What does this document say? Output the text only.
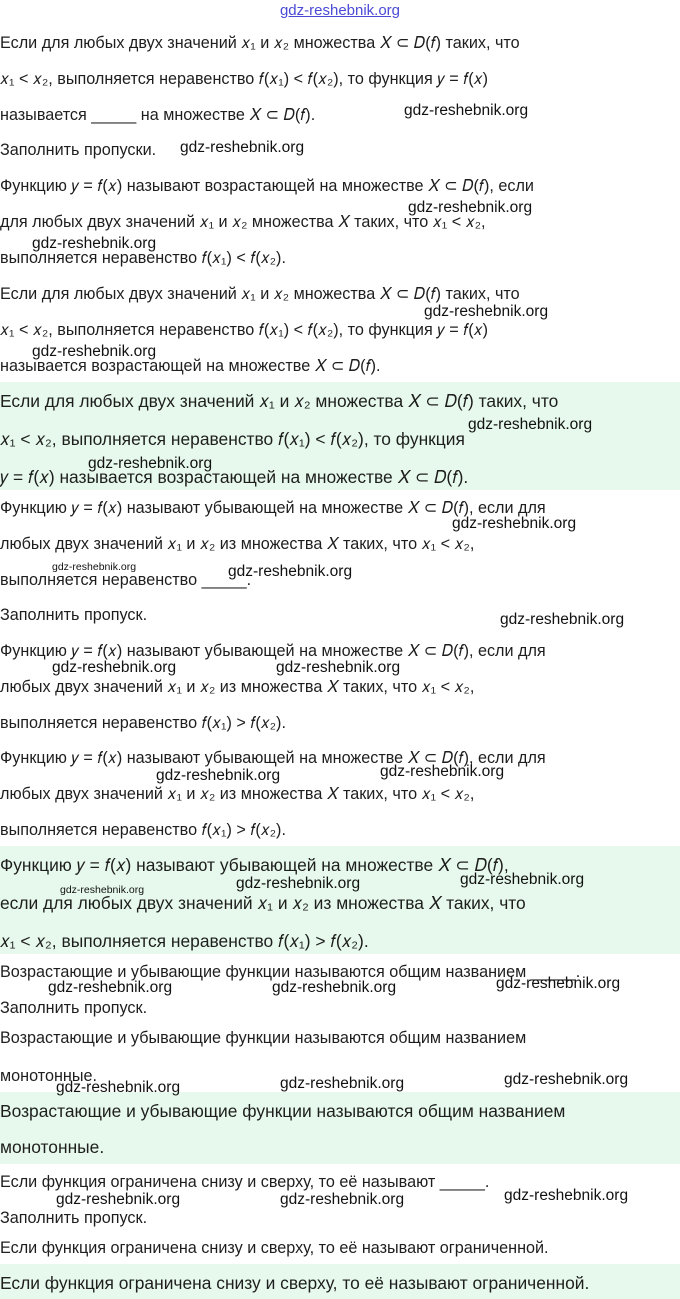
gdz-reshebnik.org
Если для любых двух значений 𝑥₁ и 𝑥₂ множества 𝑋 ⊂ 𝐷(𝑓) таких, что
𝑥₁ < 𝑥₂, выполняется неравенство 𝑓(𝑥₁) < 𝑓(𝑥₂), то функция 𝑦 = 𝑓(𝑥)
называется _____ на множестве 𝑋 ⊂ 𝐷(𝑓).
Заполнить пропуски.
Функцию 𝑦 = 𝑓(𝑥) называют возрастающей на множестве 𝑋 ⊂ 𝐷(𝑓), если
для любых двух значений 𝑥₁ и 𝑥₂ множества 𝑋 таких, что 𝑥₁ < 𝑥₂,
выполняется неравенство 𝑓(𝑥₁) < 𝑓(𝑥₂).
Если для любых двух значений 𝑥₁ и 𝑥₂ множества 𝑋 ⊂ 𝐷(𝑓) таких, что
𝑥₁ < 𝑥₂, выполняется неравенство 𝑓(𝑥₁) < 𝑓(𝑥₂), то функция 𝑦 = 𝑓(𝑥)
называется возрастающей на множестве 𝑋 ⊂ 𝐷(𝑓).
Если для любых двух значений 𝑥₁ и 𝑥₂ множества 𝑋 ⊂ 𝐷(𝑓) таких, что
𝑥₁ < 𝑥₂, выполняется неравенство 𝑓(𝑥₁) < 𝑓(𝑥₂), то функция
𝑦 = 𝑓(𝑥) называется возрастающей на множестве 𝑋 ⊂ 𝐷(𝑓).
Функцию 𝑦 = 𝑓(𝑥) называют убывающей на множестве 𝑋 ⊂ 𝐷(𝑓), если для
любых двух значений 𝑥₁ и 𝑥₂ из множества 𝑋 таких, что 𝑥₁ < 𝑥₂,
выполняется неравенство _____.
Заполнить пропуск.
Функцию 𝑦 = 𝑓(𝑥) называют убывающей на множестве 𝑋 ⊂ 𝐷(𝑓), если для
любых двух значений 𝑥₁ и 𝑥₂ из множества 𝑋 таких, что 𝑥₁ < 𝑥₂,
выполняется неравенство 𝑓(𝑥₁) > 𝑓(𝑥₂).
Функцию 𝑦 = 𝑓(𝑥) называют убывающей на множестве 𝑋 ⊂ 𝐷(𝑓), если для
любых двух значений 𝑥₁ и 𝑥₂ из множества 𝑋 таких, что 𝑥₁ < 𝑥₂,
выполняется неравенство 𝑓(𝑥₁) > 𝑓(𝑥₂).
Функцию 𝑦 = 𝑓(𝑥) называют убывающей на множестве 𝑋 ⊂ 𝐷(𝑓),
если для любых двух значений 𝑥₁ и 𝑥₂ из множества 𝑋 таких, что
𝑥₁ < 𝑥₂, выполняется неравенство 𝑓(𝑥₁) > 𝑓(𝑥₂).
Возрастающие и убывающие функции называются общим названием _____.
Заполнить пропуск.
Возрастающие и убывающие функции называются общим названием
монотонные.
Возрастающие и убывающие функции называются общим названием
монотонные.
Если функция ограничена снизу и сверху, то её называют _____.
Заполнить пропуск.
Если функция ограничена снизу и сверху, то её называют ограниченной.
Если функция ограничена снизу и сверху, то её называют ограниченной.
gdz-reshebnik.org
gdz-reshebnik.org
gdz-reshebnik.org
gdz-reshebnik.org
gdz-reshebnik.org
gdz-reshebnik.org
gdz-reshebnik.org
gdz-reshebnik.org
gdz-reshebnik.org
gdz-reshebnik.org	gdz-reshebnik.org
gdz-reshebnik.org
gdz-reshebnik.org	gdz-reshebnik.org
gdz-reshebnik.org
gdz-reshebnik.org
gdz-reshebnik.org
gdz-reshebnik.org
gdz-reshebnik.org
gdz-reshebnik.org
gdz-reshebnik.org	gdz-reshebnik.org
gdz-reshebnik.org
gdz-reshebnik.org
gdz-reshebnik.org
gdz-reshebnik.org
gdz-reshebnik.org	gdz-reshebnik.org
